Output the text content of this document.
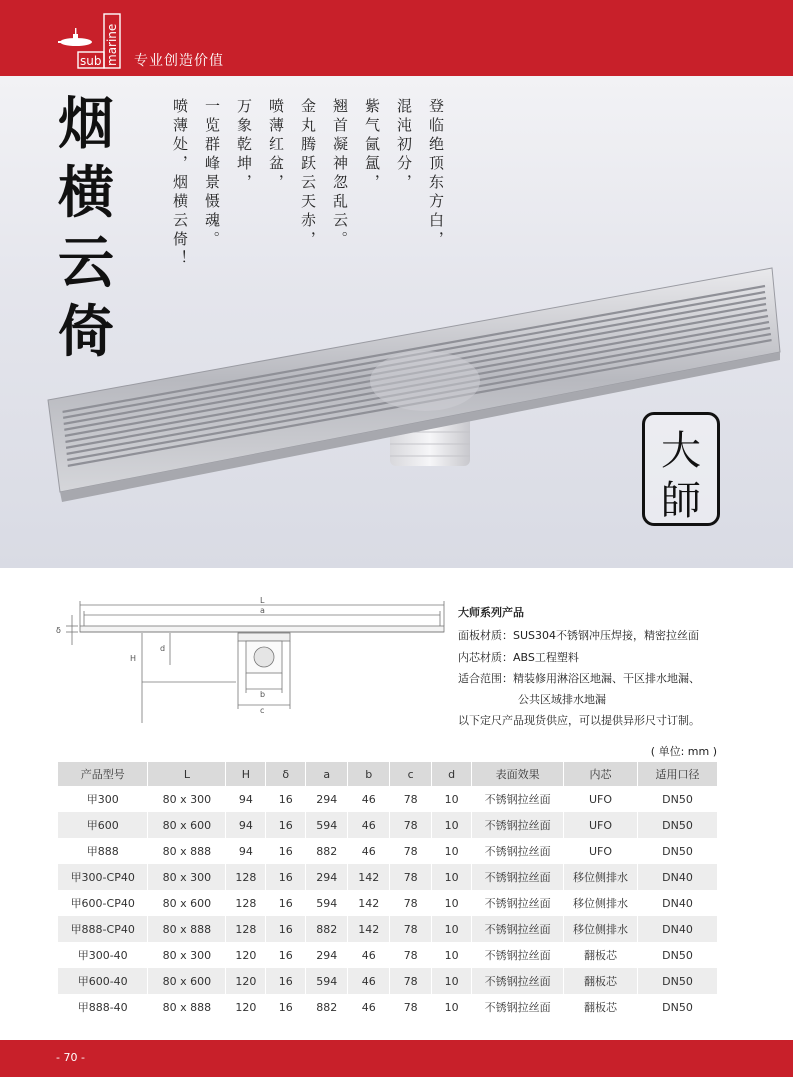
sub marine 专业创造价值
烟
横
云
倚
登临绝顶东方白，
混沌初分，
紫气氤氲，
翘首凝神忽乱云。
金丸腾跃云天赤，
喷薄红盆，
万象乾坤，
一览群峰景慑魂。
喷薄处，烟横云倚！
大
師
L
a
δ
d
H
b
c
大师系列产品
面板材质：SUS304不锈钢冲压焊接，精密拉丝面
内芯材质：ABS工程塑料
适合范围：精装修用淋浴区地漏、干区排水地漏、
公共区域排水地漏
以下定尺产品现货供应，可以提供异形尺寸订制。
( 单位: mm )
产品型号	L	H	δ	a	b	c	d	表面效果	内芯	适用口径
甲300	80 x 300	94	16	294	46	78	10	不锈钢拉丝面	UFO	DN50
甲600	80 x 600	94	16	594	46	78	10	不锈钢拉丝面	UFO	DN50
甲888	80 x 888	94	16	882	46	78	10	不锈钢拉丝面	UFO	DN50
甲300-CP40	80 x 300	128	16	294	142	78	10	不锈钢拉丝面	移位侧排水	DN40
甲600-CP40	80 x 600	128	16	594	142	78	10	不锈钢拉丝面	移位侧排水	DN40
甲888-CP40	80 x 888	128	16	882	142	78	10	不锈钢拉丝面	移位侧排水	DN40
甲300-40	80 x 300	120	16	294	46	78	10	不锈钢拉丝面	翻板芯	DN50
甲600-40	80 x 600	120	16	594	46	78	10	不锈钢拉丝面	翻板芯	DN50
甲888-40	80 x 888	120	16	882	46	78	10	不锈钢拉丝面	翻板芯	DN50
- 70 -
